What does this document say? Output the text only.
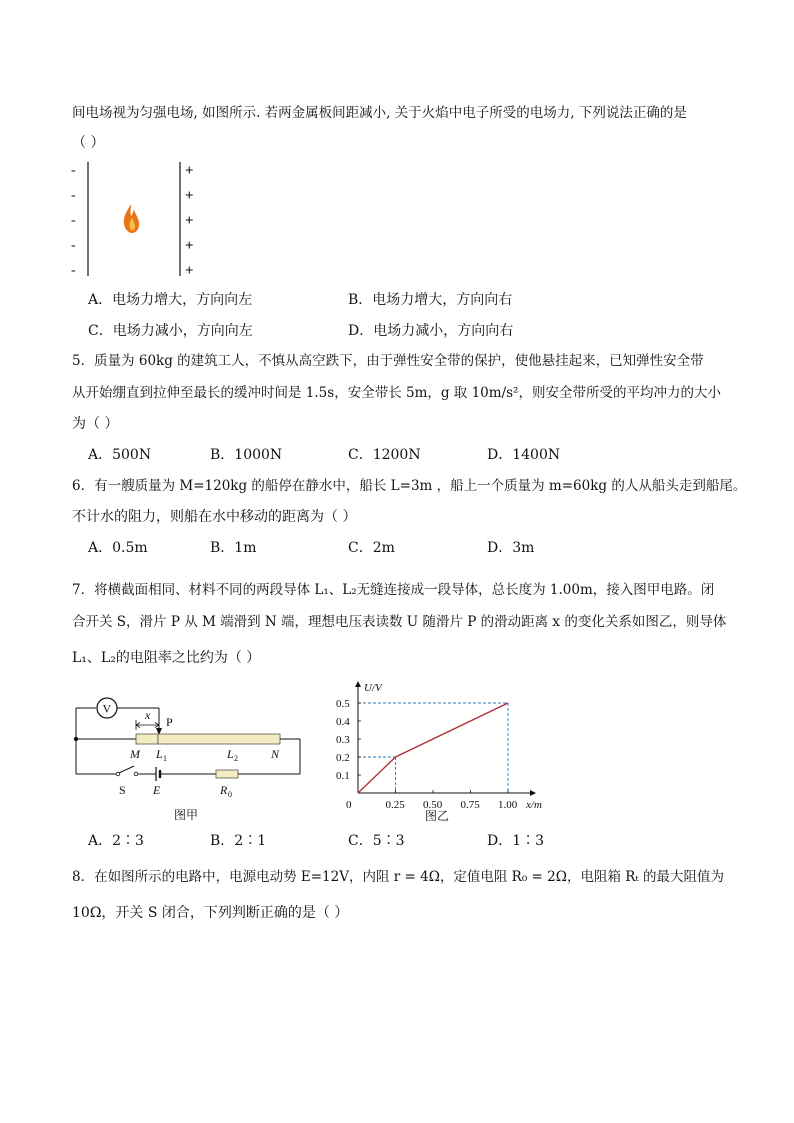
间电场视为匀强电场, 如图所示. 若两金属板间距减小, 关于火焰中电子所受的电场力, 下列说法正确的是
（ ）
-
-
-
-
-
+
+
+
+
+
A．电场力增大，方向向左	B．电场力增大，方向向右
C．电场力减小，方向向左	D．电场力减小，方向向右
5．质量为 60kg 的建筑工人，不慎从高空跌下，由于弹性安全带的保护，使他悬挂起来，已知弹性安全带
从开始绷直到拉伸至最长的缓冲时间是 1.5s，安全带长 5m，g 取 10m/s²，则安全带所受的平均冲力的大小
为（ ）
A．500N	B．1000N	C．1200N	D．1400N
6．有一艘质量为 M=120kg 的船停在静水中，船长 L=3m ，船上一个质量为 m=60kg 的人从船头走到船尾。
不计水的阻力，则船在水中移动的距离为（ ）
A．0.5m	B．1m	C．2m	D．3m
7．将横截面相同、材料不同的两段导体 L₁、L₂无缝连接成一段导体，总长度为 1.00m，接入图甲电路。闭
合开关 S，滑片 P 从 M 端滑到 N 端，理想电压表读数 U 随滑片 P 的滑动距离 x 的变化关系如图乙，则导体
L₁、L₂的电阻率之比约为（ ）
V	x P
M L 1	L 2	N
S E	R 0
图甲
0.1
0.2
0.3
0.4
0.5
0.25 0.50 0.75 1.00
0
U/V
x/m
图乙
A．2∶3	B．2∶1	C．5∶3	D．1∶3
8．在如图所示的电路中，电源电动势 E=12V，内阻 r = 4Ω，定值电阻 R₀ = 2Ω，电阻箱 Rₜ 的最大阻值为
10Ω，开关 S 闭合，下列判断正确的是（ ）
